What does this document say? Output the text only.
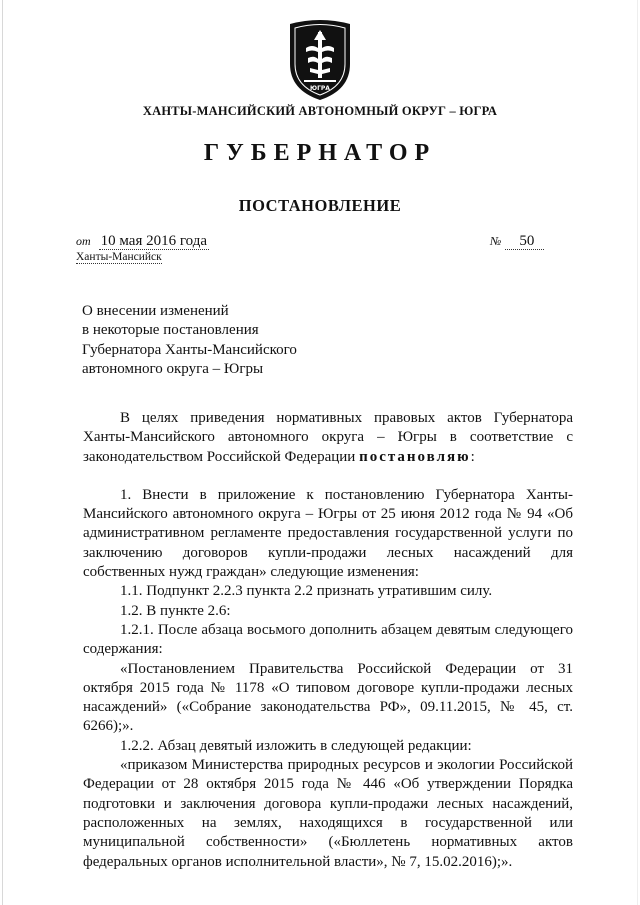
ЮГРА
ХАНТЫ-МАНСИЙСКИЙ АВТОНОМНЫЙ ОКРУГ – ЮГРА
ГУБЕРНАТОР
ПОСТАНОВЛЕНИЕ
от 10 мая 2016 года	№ 50
Ханты-Мансийск
О внесении изменений
в некоторые постановления
Губернатора Ханты-Мансийского
автономного округа – Югры

В целях приведения нормативных правовых актов Губернатора Ханты-Мансийского автономного округа – Югры в соответствие с законодательством Российской Федерации постановляю:

1. Внести в приложение к постановлению Губернатора Ханты-Мансийского автономного округа – Югры от 25 июня 2012 года № 94 «Об административном регламенте предоставления государственной услуги по заключению договоров купли-продажи лесных насаждений для собственных нужд граждан» следующие изменения:

1.1. Подпункт 2.2.3 пункта 2.2 признать утратившим силу.

1.2. В пункте 2.6:

1.2.1. После абзаца восьмого дополнить абзацем девятым следующего содержания:

«Постановлением Правительства Российской Федерации от 31 октября 2015 года № 1178 «О типовом договоре купли-продажи лесных насаждений» («Собрание законодательства РФ», 09.11.2015, № 45, ст. 6266);».

1.2.2. Абзац девятый изложить в следующей редакции:

«приказом Министерства природных ресурсов и экологии Российской Федерации от 28 октября 2015 года № 446 «Об утверждении Порядка подготовки и заключения договора купли-продажи лесных насаждений, расположенных на землях, находящихся в государственной или муниципальной собственности» («Бюллетень нормативных актов федеральных органов исполнительной власти», № 7, 15.02.2016);».
